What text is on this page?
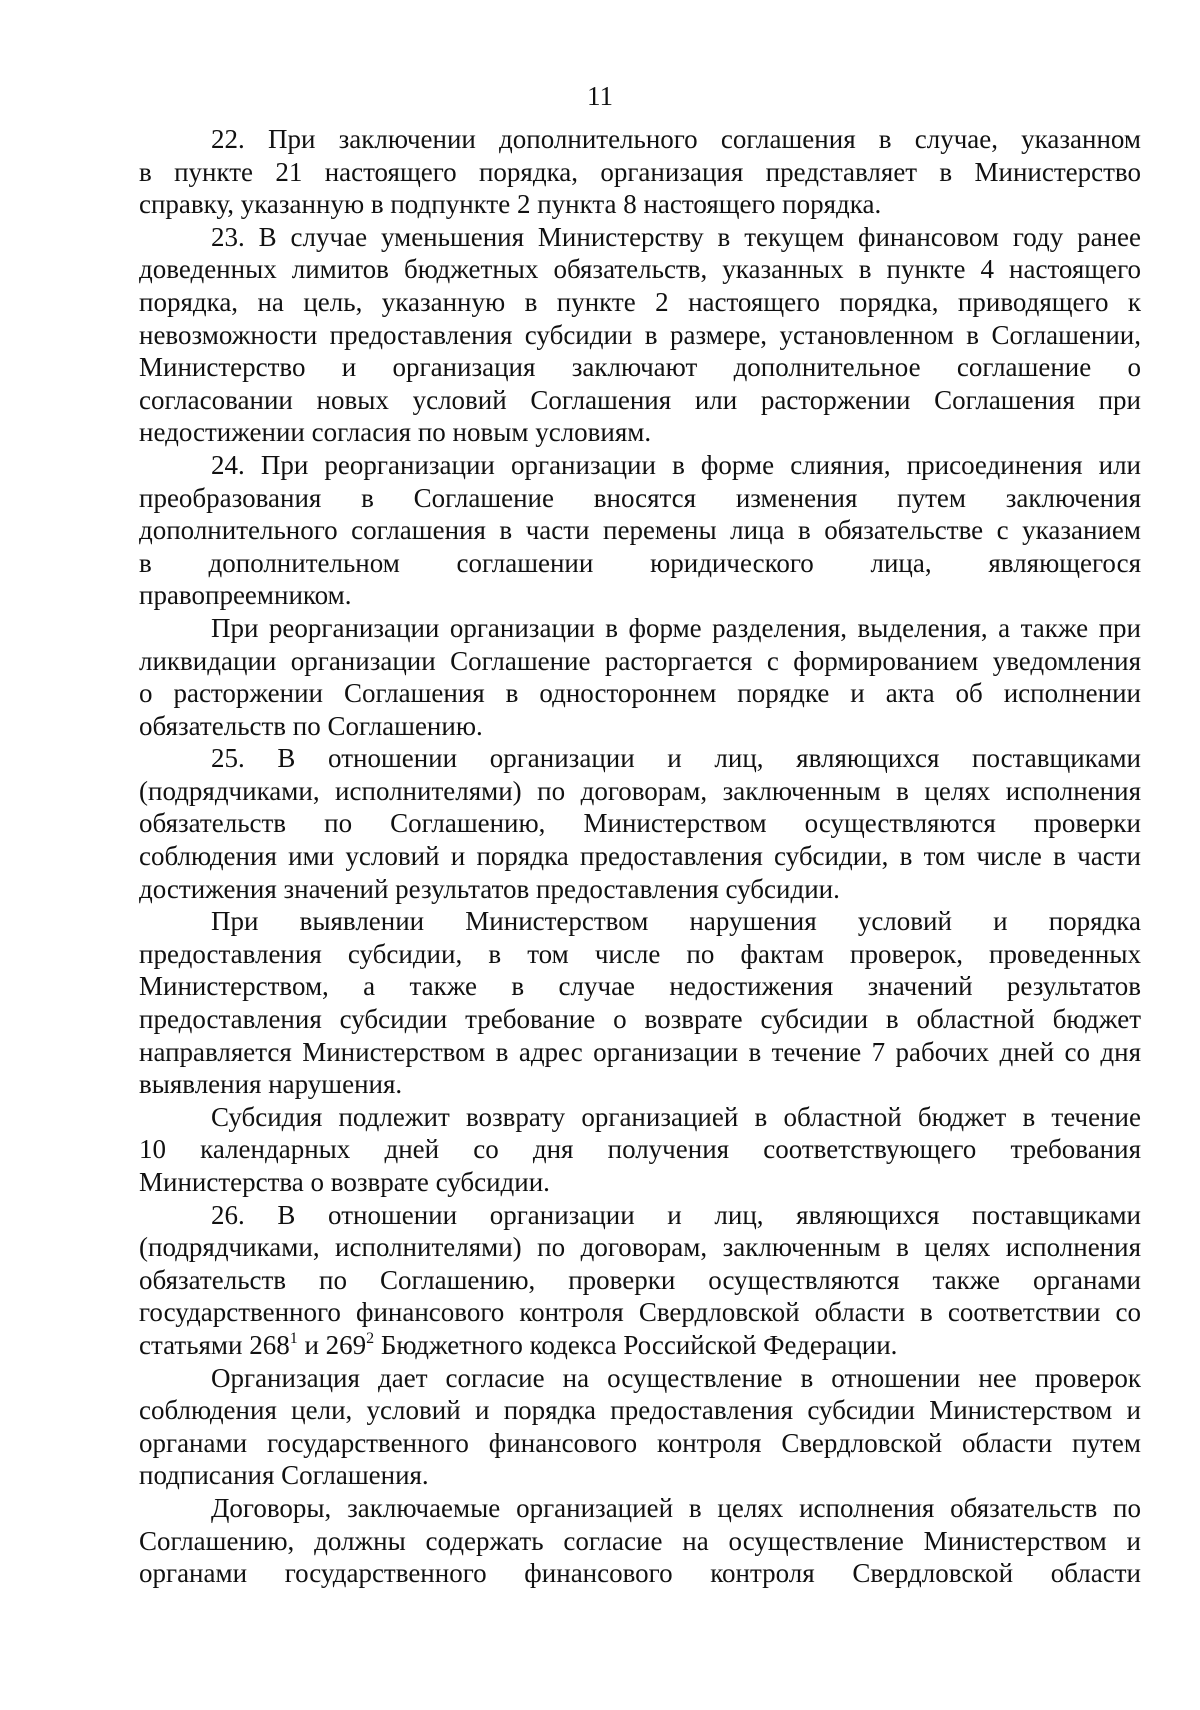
11

22. При заключении дополнительного соглашения в случае, указанном
в пункте 21 настоящего порядка, организация представляет в Министерство
справку, указанную в подпункте 2 пункта 8 настоящего порядка.

23. В случае уменьшения Министерству в текущем финансовом году ранее
доведенных лимитов бюджетных обязательств, указанных в пункте 4 настоящего
порядка, на цель, указанную в пункте 2 настоящего порядка, приводящего к
невозможности предоставления субсидии в размере, установленном в Соглашении,
Министерство и организация заключают дополнительное соглашение о
согласовании новых условий Соглашения или расторжении Соглашения при
недостижении согласия по новым условиям.

24. При реорганизации организации в форме слияния, присоединения или
преобразования в Соглашение вносятся изменения путем заключения
дополнительного соглашения в части перемены лица в обязательстве с указанием
в дополнительном соглашении юридического лица, являющегося
правопреемником.

При реорганизации организации в форме разделения, выделения, а также при
ликвидации организации Соглашение расторгается с формированием уведомления
о расторжении Соглашения в одностороннем порядке и акта об исполнении
обязательств по Соглашению.

25. В отношении организации и лиц, являющихся поставщиками
(подрядчиками, исполнителями) по договорам, заключенным в целях исполнения
обязательств по Соглашению, Министерством осуществляются проверки
соблюдения ими условий и порядка предоставления субсидии, в том числе в части
достижения значений результатов предоставления субсидии.

При выявлении Министерством нарушения условий и порядка
предоставления субсидии, в том числе по фактам проверок, проведенных
Министерством, а также в случае недостижения значений результатов
предоставления субсидии требование о возврате субсидии в областной бюджет
направляется Министерством в адрес организации в течение 7 рабочих дней со дня
выявления нарушения.

Субсидия подлежит возврату организацией в областной бюджет в течение
10 календарных дней со дня получения соответствующего требования
Министерства о возврате субсидии.

26. В отношении организации и лиц, являющихся поставщиками
(подрядчиками, исполнителями) по договорам, заключенным в целях исполнения
обязательств по Соглашению, проверки осуществляются также органами
государственного финансового контроля Свердловской области в соответствии со
статьями $268^1$ и $269^2$ Бюджетного кодекса Российской Федерации.

Организация дает согласие на осуществление в отношении нее проверок
соблюдения цели, условий и порядка предоставления субсидии Министерством и
органами государственного финансового контроля Свердловской области путем
подписания Соглашения.

Договоры, заключаемые организацией в целях исполнения обязательств по
Соглашению, должны содержать согласие на осуществление Министерством и
органами государственного финансового контроля Свердловской области
